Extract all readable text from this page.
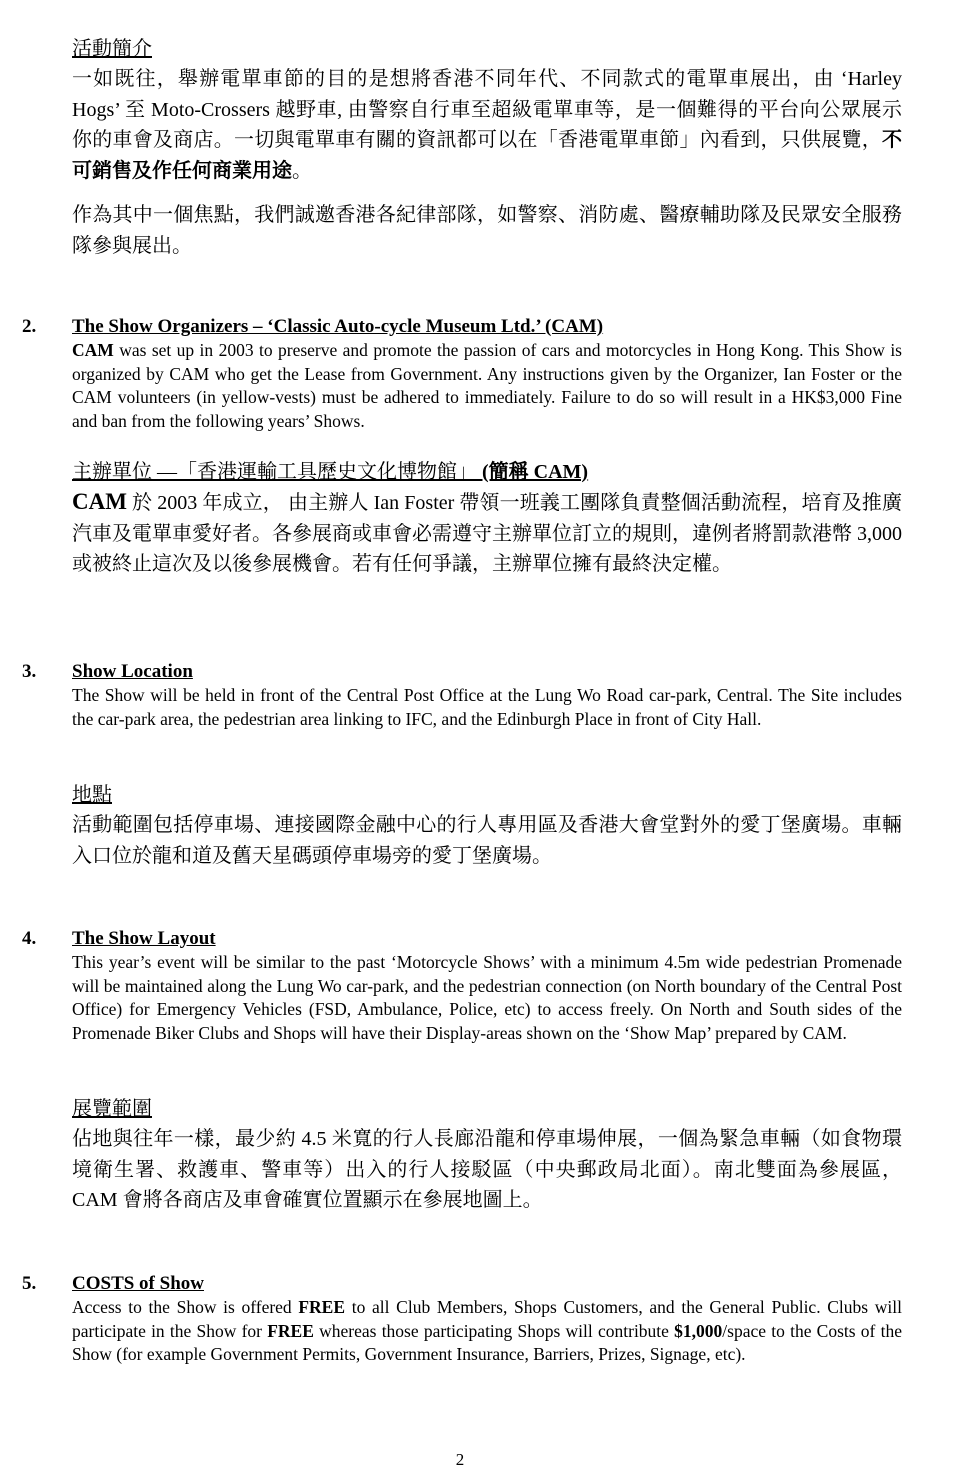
活動簡介

一如既往，舉辦電單車節的目的是想將香港不同年代、不同款式的電單車展出，由 ‘Harley Hogs’ 至 Moto-Crossers 越野車, 由警察自行車至超級電單車等，是一個難得的平台向公眾展示你的車會及商店。一切與電單車有關的資訊都可以在「香港電單車節」內看到，只供展覽，不可銷售及作任何商業用途。

作為其中一個焦點，我們誠邀香港各紀律部隊，如警察、消防處、醫療輔助隊及民眾安全服務隊參與展出。

2. The Show Organizers – ‘Classic Auto-cycle Museum Ltd.’ (CAM)

CAM was set up in 2003 to preserve and promote the passion of cars and motorcycles in Hong Kong. This Show is organized by CAM who get the Lease from Government. Any instructions given by the Organizer, Ian Foster or the CAM volunteers (in yellow-vests) must be adhered to immediately. Failure to do so will result in a HK$3,000 Fine and ban from the following years’ Shows.

主辦單位 —「香港運輸工具歷史文化博物館」 (簡稱 CAM)

CAM 於 2003 年成立， 由主辦人 Ian Foster 帶領一班義工團隊負責整個活動流程，培育及推廣汽車及電單車愛好者。各參展商或車會必需遵守主辦單位訂立的規則，違例者將罰款港幣 3,000 或被終止這次及以後參展機會。若有任何爭議，主辦單位擁有最終決定權。

3. Show Location

The Show will be held in front of the Central Post Office at the Lung Wo Road car-park, Central. The Site includes the car-park area, the pedestrian area linking to IFC, and the Edinburgh Place in front of City Hall.

地點

活動範圍包括停車場、連接國際金融中心的行人專用區及香港大會堂對外的愛丁堡廣場。車輛入口位於龍和道及舊天星碼頭停車場旁的愛丁堡廣場。

4. The Show Layout

This year’s event will be similar to the past ‘Motorcycle Shows’ with a minimum 4.5m wide pedestrian Promenade will be maintained along the Lung Wo car-park, and the pedestrian connection (on North boundary of the Central Post Office) for Emergency Vehicles (FSD, Ambulance, Police, etc) to access freely. On North and South sides of the Promenade Biker Clubs and Shops will have their Display-areas shown on the ‘Show Map’ prepared by CAM.

展覽範圍

佔地與往年一樣，最少約 4.5 米寬的行人長廊沿龍和停車場伸展，一個為緊急車輛（如食物環境衛生署、救護車、警車等）出入的行人接駁區（中央郵政局北面）。南北雙面為參展區，CAM 會將各商店及車會確實位置顯示在參展地圖上。

5. COSTS of Show

Access to the Show is offered FREE to all Club Members, Shops Customers, and the General Public. Clubs will participate in the Show for FREE whereas those participating Shops will contribute $1,000/space to the Costs of the Show (for example Government Permits, Government Insurance, Barriers, Prizes, Signage, etc).

2
